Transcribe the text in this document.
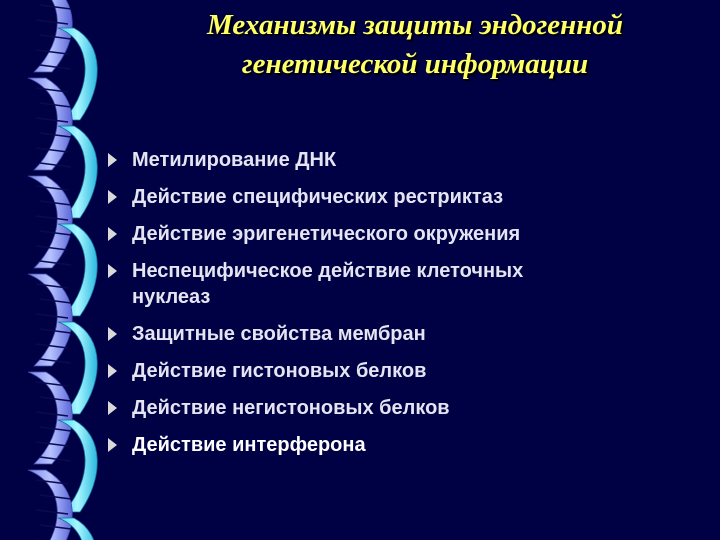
Механизмы защиты эндогенной
генетической информации
Метилирование ДНК
Действие специфических рестриктаз
Действие эригенетического окружения
Неспецифическое действие клеточных нуклеаз
Защитные свойства мембран
Действие гистоновых белков
Действие негистоновых белков
Действие интерферона
